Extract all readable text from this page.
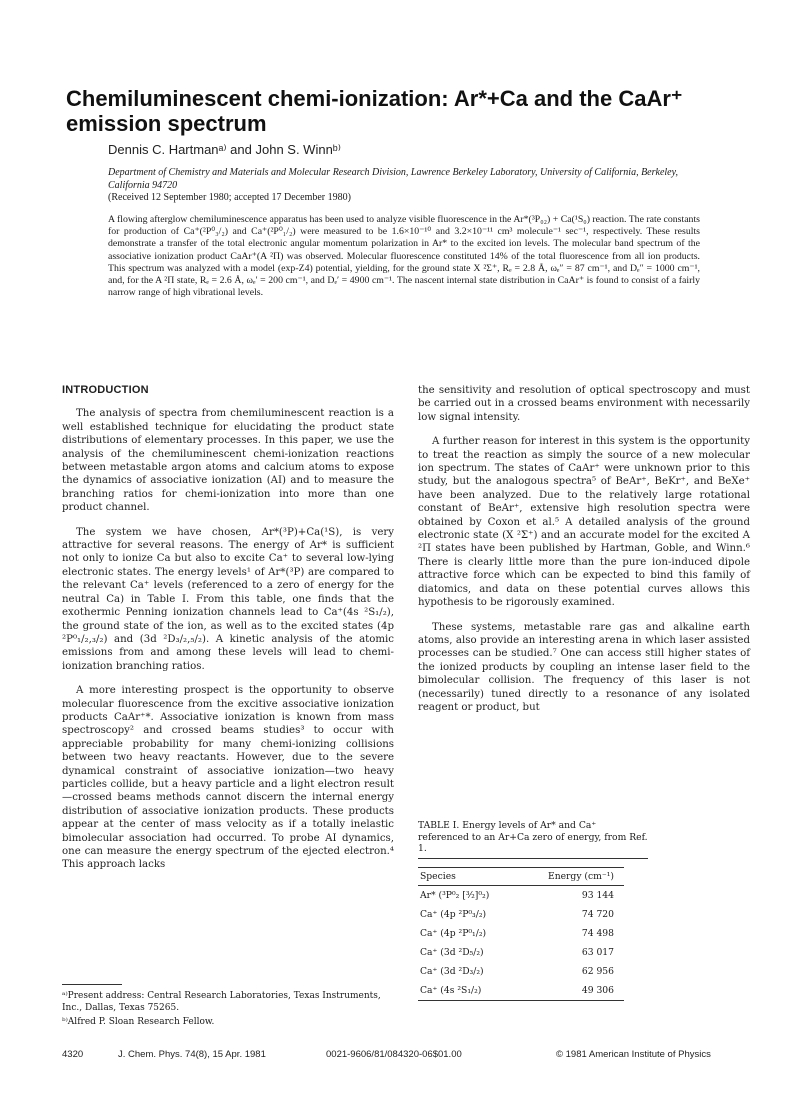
Chemiluminescent chemi-ionization: Ar*+Ca and the CaAr⁺ emission spectrum
Dennis C. Hartmanᵃ⁾ and John S. Winnᵇ⁾
Department of Chemistry and Materials and Molecular Research Division, Lawrence Berkeley Laboratory, University of California, Berkeley, California 94720
(Received 12 September 1980; accepted 17 December 1980)

A flowing afterglow chemiluminescence apparatus has been used to analyze visible fluorescence in the Ar*(³P₀₂) + Ca(¹S₀) reaction. The rate constants for production of Ca⁺(²P⁰₃/₂) and Ca⁺(²P⁰₁/₂) were measured to be 1.6×10⁻¹⁰ and 3.2×10⁻¹¹ cm³ molecule⁻¹ sec⁻¹, respectively. These results demonstrate a transfer of the total electronic angular momentum polarization in Ar* to the excited ion levels. The molecular band spectrum of the associative ionization product CaAr⁺(A ²Π) was observed. Molecular fluorescence constituted 14% of the total fluorescence from all ion products. This spectrum was analyzed with a model (exp-Z4) potential, yielding, for the ground state X ²Σ⁺, Rₑ = 2.8 Å, ωₑ″ = 87 cm⁻¹, and Dₑ″ = 1000 cm⁻¹, and, for the A ²Π state, Rₑ = 2.6 Å, ωₑ′ = 200 cm⁻¹, and Dₑ′ = 4900 cm⁻¹. The nascent internal state distribution in CaAr⁺ is found to consist of a fairly narrow range of high vibrational levels.

INTRODUCTION

The analysis of spectra from chemiluminescent reaction is a well established technique for elucidating the product state distributions of elementary processes. In this paper, we use the analysis of the chemiluminescent chemi-ionization reactions between metastable argon atoms and calcium atoms to expose the dynamics of associative ionization (AI) and to measure the branching ratios for chemi-ionization into more than one product channel.

The system we have chosen, Ar*(³P)+Ca(¹S), is very attractive for several reasons. The energy of Ar* is sufficient not only to ionize Ca but also to excite Ca⁺ to several low-lying electronic states. The energy levels¹ of Ar*(³P) are compared to the relevant Ca⁺ levels (referenced to a zero of energy for the neutral Ca) in Table I. From this table, one finds that the exothermic Penning ionization channels lead to Ca⁺(4s ²S₁/₂), the ground state of the ion, as well as to the excited states (4p ²P⁰₁/₂,₃/₂) and (3d ²D₃/₂,₅/₂). A kinetic analysis of the atomic emissions from and among these levels will lead to chemi-ionization branching ratios.

A more interesting prospect is the opportunity to observe molecular fluorescence from the excitive associative ionization products CaAr⁺*. Associative ionization is known from mass spectroscopy² and crossed beams studies³ to occur with appreciable probability for many chemi-ionizing collisions between two heavy reactants. However, due to the severe dynamical constraint of associative ionization—two heavy particles collide, but a heavy particle and a light electron result—crossed beams methods cannot discern the internal energy distribution of associative ionization products. These products appear at the center of mass velocity as if a totally inelastic bimolecular association had occurred. To probe AI dynamics, one can measure the energy spectrum of the ejected electron.⁴ This approach lacks

the sensitivity and resolution of optical spectroscopy and must be carried out in a crossed beams environment with necessarily low signal intensity.

A further reason for interest in this system is the opportunity to treat the reaction as simply the source of a new molecular ion spectrum. The states of CaAr⁺ were unknown prior to this study, but the analogous spectra⁵ of BeAr⁺, BeKr⁺, and BeXe⁺ have been analyzed. Due to the relatively large rotational constant of BeAr⁺, extensive high resolution spectra were obtained by Coxon et al.⁵ A detailed analysis of the ground electronic state (X ²Σ⁺) and an accurate model for the excited A ²Π states have been published by Hartman, Goble, and Winn.⁶ There is clearly little more than the pure ion-induced dipole attractive force which can be expected to bind this family of diatomics, and data on these potential curves allows this hypothesis to be rigorously examined.

These systems, metastable rare gas and alkaline earth atoms, also provide an interesting arena in which laser assisted processes can be studied.⁷ One can access still higher states of the ionized products by coupling an intense laser field to the bimolecular collision. The frequency of this laser is not (necessarily) tuned directly to a resonance of any isolated reagent or product, but

TABLE I. Energy levels of Ar* and Ca⁺ referenced to an Ar+Ca zero of energy, from Ref. 1.
Species	Energy (cm⁻¹)
Ar* (³P⁰₂ [³⁄₂]⁰₂)	93 144
Ca⁺ (4p ²P⁰₃/₂)	74 720
Ca⁺ (4p ²P⁰₁/₂)	74 498
Ca⁺ (3d ²D₅/₂)	63 017
Ca⁺ (3d ²D₃/₂)	62 956
Ca⁺ (4s ²S₁/₂)	49 306

ᵃ⁾Present address: Central Research Laboratories, Texas Instruments, Inc., Dallas, Texas 75265.

ᵇ⁾Alfred P. Sloan Research Fellow.

4320	J. Chem. Phys. 74(8), 15 Apr. 1981	0021-9606/81/084320-06$01.00	© 1981 American Institute of Physics
